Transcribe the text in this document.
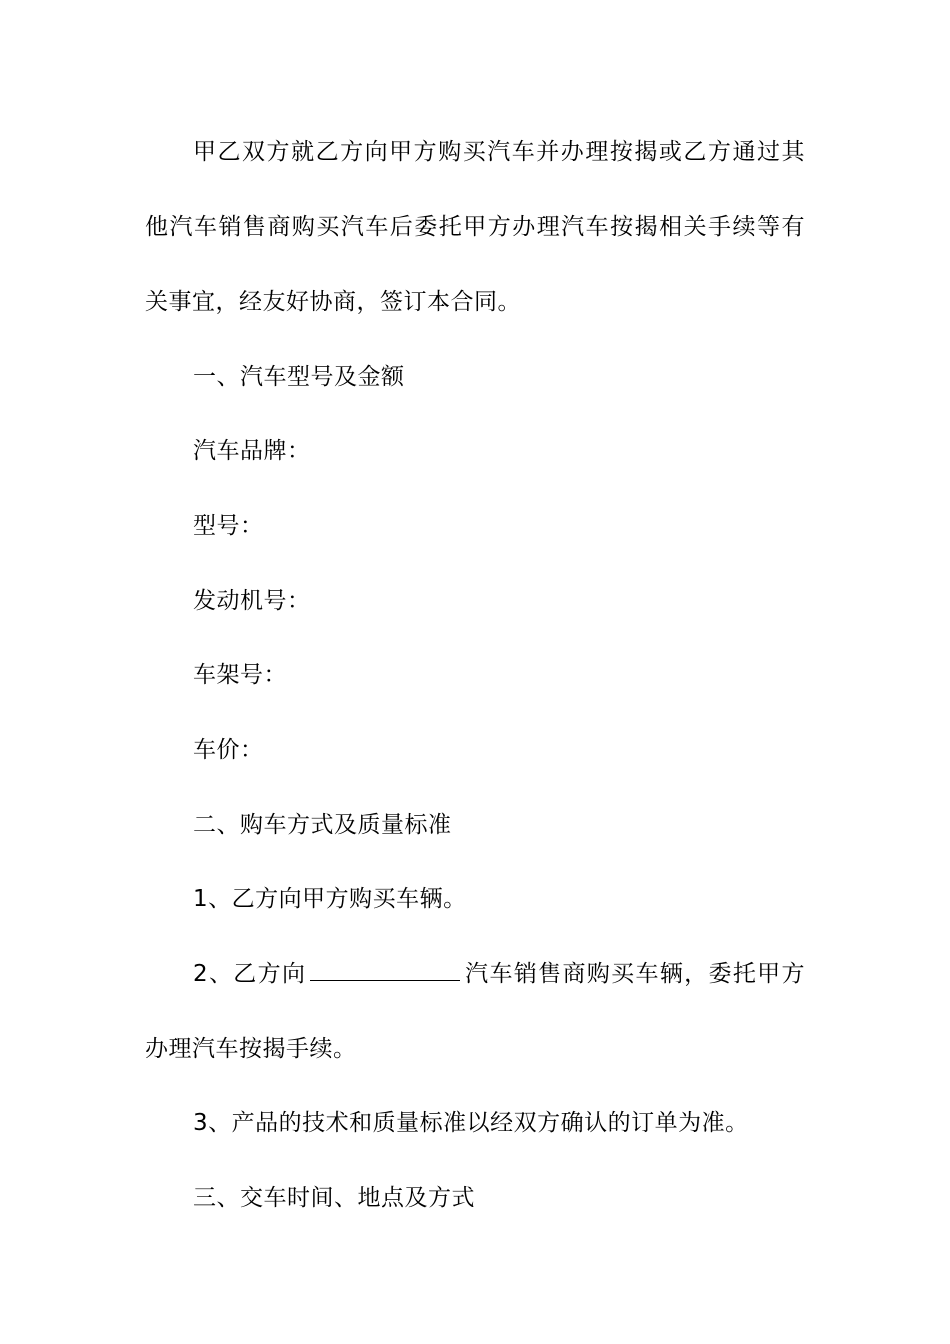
甲乙双方就乙方向甲方购买汽车并办理按揭或乙方通过其
他汽车销售商购买汽车后委托甲方办理汽车按揭相关手续等有
关事宜，经友好协商，签订本合同。
一、汽车型号及金额
汽车品牌：
型号：
发动机号：
车架号：
车价：
二、购车方式及质量标准
1、乙方向甲方购买车辆。
2、乙方向	汽车销售商购买车辆，委托甲方
办理汽车按揭手续。
3、产品的技术和质量标准以经双方确认的订单为准。
三、交车时间、地点及方式
